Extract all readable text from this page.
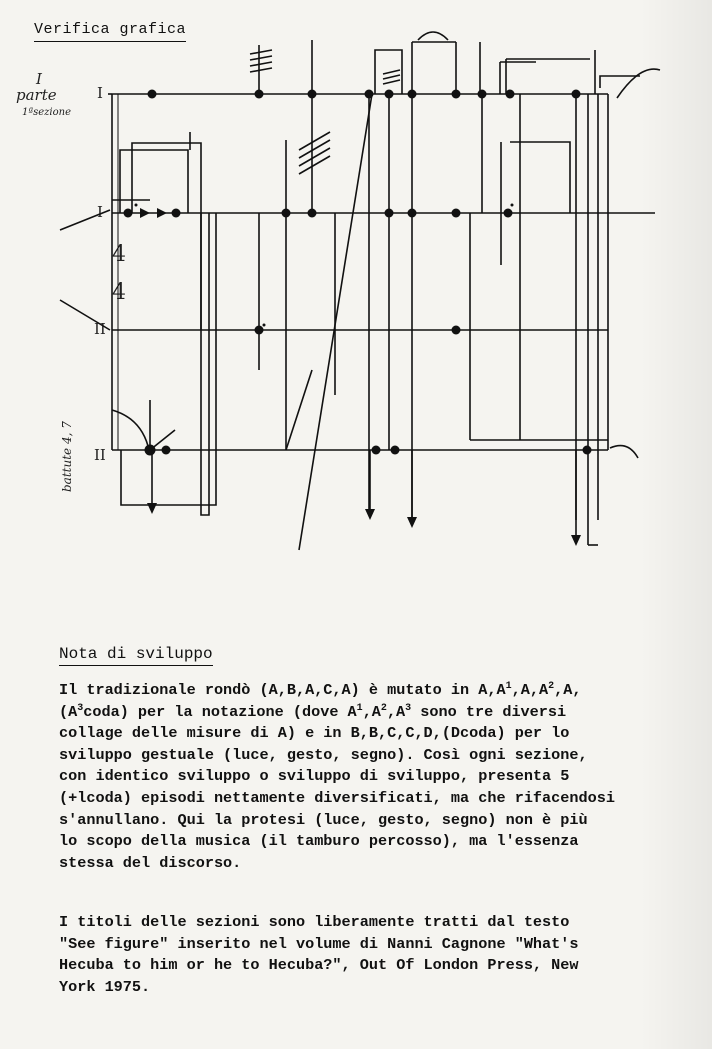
Verifica grafica
I
parte
1ªsezione
I
I
II
II
4
4
battute 4, 7
Nota di sviluppo
Il tradizionale rondò (A,B,A,C,A) è mutato in $A,A^1,A,A^2,A$,
$(A^3coda)$ per la notazione (dove $A^1,A^2,A^3$ sono tre diversi
collage delle misure di A) e in B,B,C,C,D,(Dcoda) per lo
sviluppo gestuale (luce, gesto, segno). Così ogni sezione,
con identico sviluppo o sviluppo di sviluppo, presenta 5
(+lcoda) episodi nettamente diversificati, ma che rifacendosi
s'annullano. Qui la protesi (luce, gesto, segno) non è più
lo scopo della musica (il tamburo percosso), ma l'essenza
stessa del discorso.
I titoli delle sezioni sono liberamente tratti dal testo
"See figure" inserito nel volume di Nanni Cagnone "What's
Hecuba to him or he to Hecuba?", Out Of London Press, New
York 1975.
